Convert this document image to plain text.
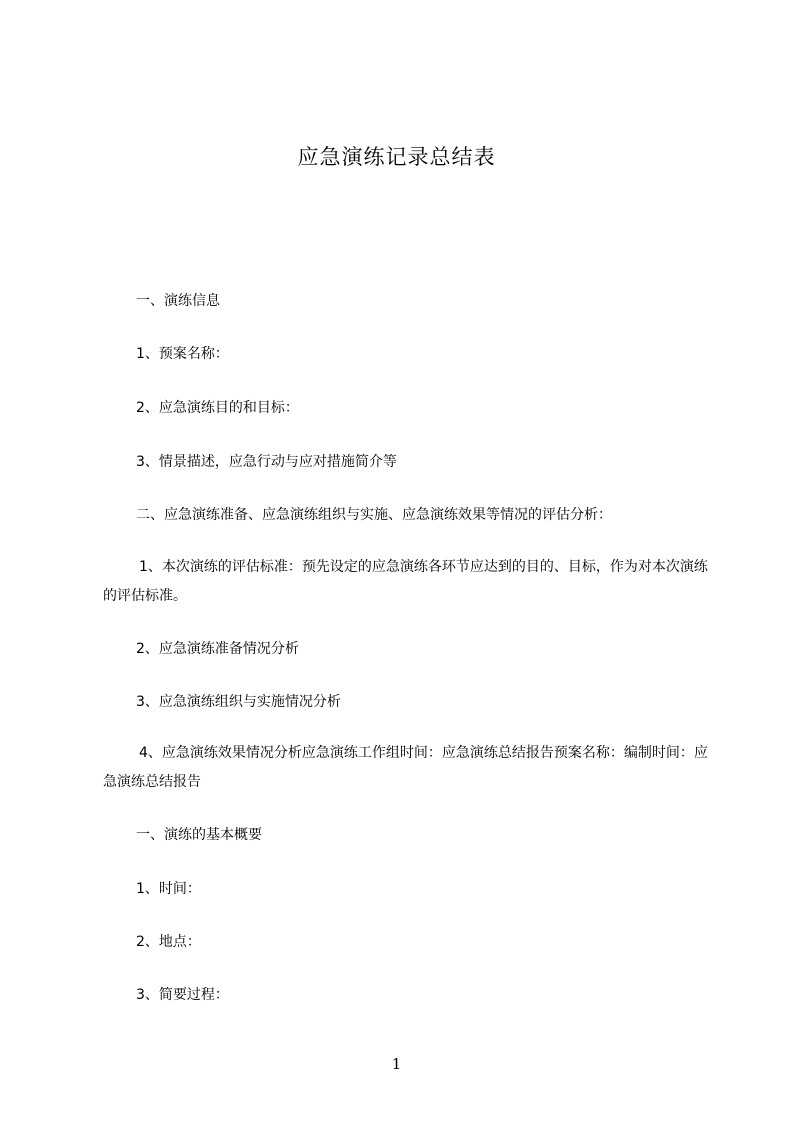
应急演练记录总结表
一、演练信息
1、预案名称：
2、应急演练目的和目标：
3、情景描述，应急行动与应对措施简介等
二、应急演练准备、应急演练组织与实施、应急演练效果等情况的评估分析：
1、本次演练的评估标准：预先设定的应急演练各环节应达到的目的、目标，作为对本次演练的评估标准。
2、应急演练准备情况分析
3、应急演练组织与实施情况分析
4、应急演练效果情况分析应急演练工作组时间：应急演练总结报告预案名称：编制时间：应急演练总结报告
一、演练的基本概要
1、时间：
2、地点：
3、简要过程：
1
